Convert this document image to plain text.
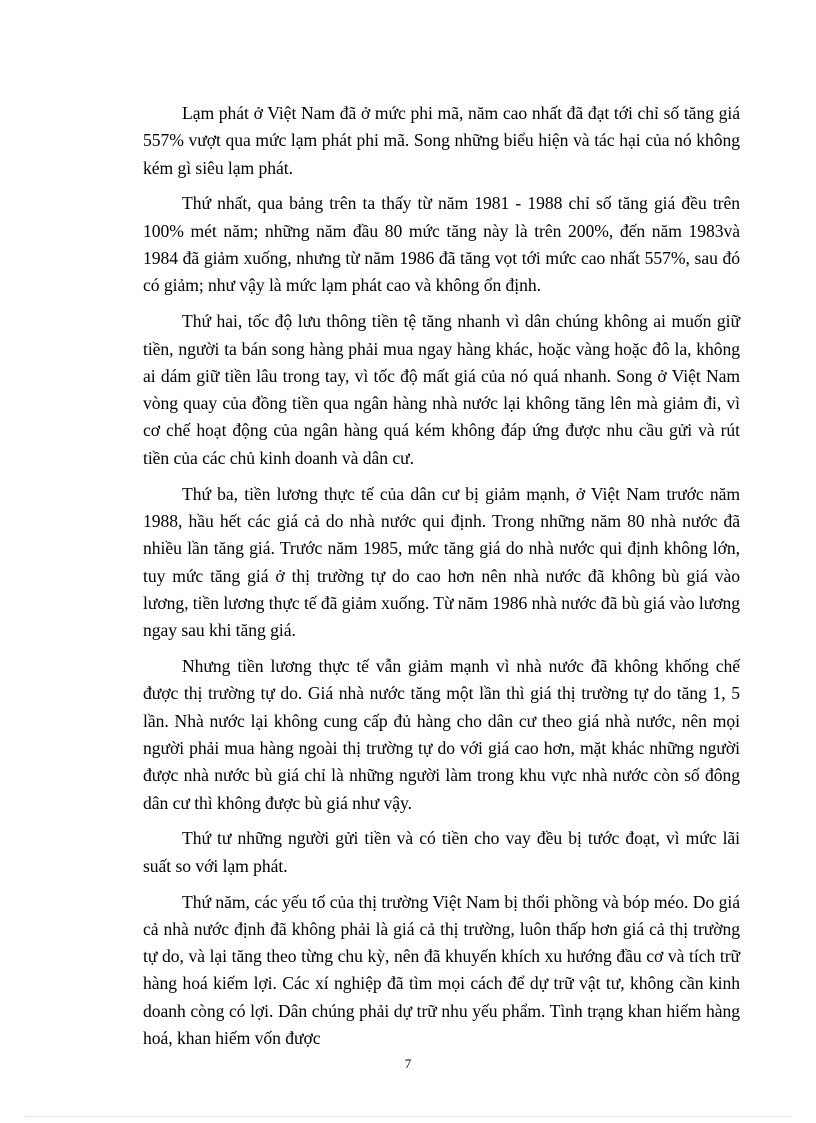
Lạm phát ở Việt Nam đã ở mức phi mã, năm cao nhất đã đạt tới chỉ số tăng giá 557% vượt qua mức lạm phát phi mã. Song những biểu hiện và tác hại của nó không kém gì siêu lạm phát.

Thứ nhất, qua bảng trên ta thấy từ năm 1981 - 1988 chỉ số tăng giá đều trên 100% mét năm; những năm đầu 80 mức tăng này là trên 200%, đến năm 1983và 1984 đã giảm xuống, nhưng từ năm 1986 đã tăng vọt tới mức cao nhất 557%, sau đó có giảm; như vậy là mức lạm phát cao và không ổn định.

Thứ hai, tốc độ lưu thông tiền tệ tăng nhanh vì dân chúng không ai muốn giữ tiền, người ta bán song hàng phải mua ngay hàng khác, hoặc vàng hoặc đô la, không ai dám giữ tiền lâu trong tay, vì tốc độ mất giá của nó quá nhanh. Song ở Việt Nam vòng quay của đồng tiền qua ngân hàng nhà nước lại không tăng lên mà giảm đi, vì cơ chế hoạt động của ngân hàng quá kém không đáp ứng được nhu cầu gửi và rút tiền của các chủ kinh doanh và dân cư.

Thứ ba, tiền lương thực tế của dân cư bị giảm mạnh, ở Việt Nam trước năm 1988, hầu hết các giá cả do nhà nước qui định. Trong những năm 80 nhà nước đã nhiều lần tăng giá. Trước năm 1985, mức tăng giá do nhà nước qui định không lớn, tuy mức tăng giá ở thị trường tự do cao hơn nên nhà nước đã không bù giá vào lương, tiền lương thực tế đã giảm xuống. Từ năm 1986 nhà nước đã bù giá vào lương ngay sau khi tăng giá.

Nhưng tiền lương thực tế vẫn giảm mạnh vì nhà nước đã không khống chế được thị trường tự do. Giá nhà nước tăng một lần thì giá thị trường tự do tăng 1, 5 lần. Nhà nước lại không cung cấp đủ hàng cho dân cư theo giá nhà nước, nên mọi người phải mua hàng ngoài thị trường tự do với giá cao hơn, mặt khác những người được nhà nước bù giá chỉ là những người làm trong khu vực nhà nước còn số đông dân cư thì không được bù giá như vậy.

Thứ tư những người gửi tiền và có tiền cho vay đều bị tước đoạt, vì mức lãi suất so với lạm phát.

Thứ năm, các yếu tố của thị trường Việt Nam bị thổi phồng và bóp méo. Do giá cả nhà nước định đã không phải là giá cả thị trường, luôn thấp hơn giá cả thị trường tự do, và lại tăng theo từng chu kỳ, nên đã khuyến khích xu hướng đầu cơ và tích trữ hàng hoá kiếm lợi. Các xí nghiệp đã tìm mọi cách để dự trữ vật tư, không cần kinh doanh còng có lợi. Dân chúng phải dự trữ nhu yếu phẩm. Tình trạng khan hiếm hàng hoá, khan hiếm vốn được

7
